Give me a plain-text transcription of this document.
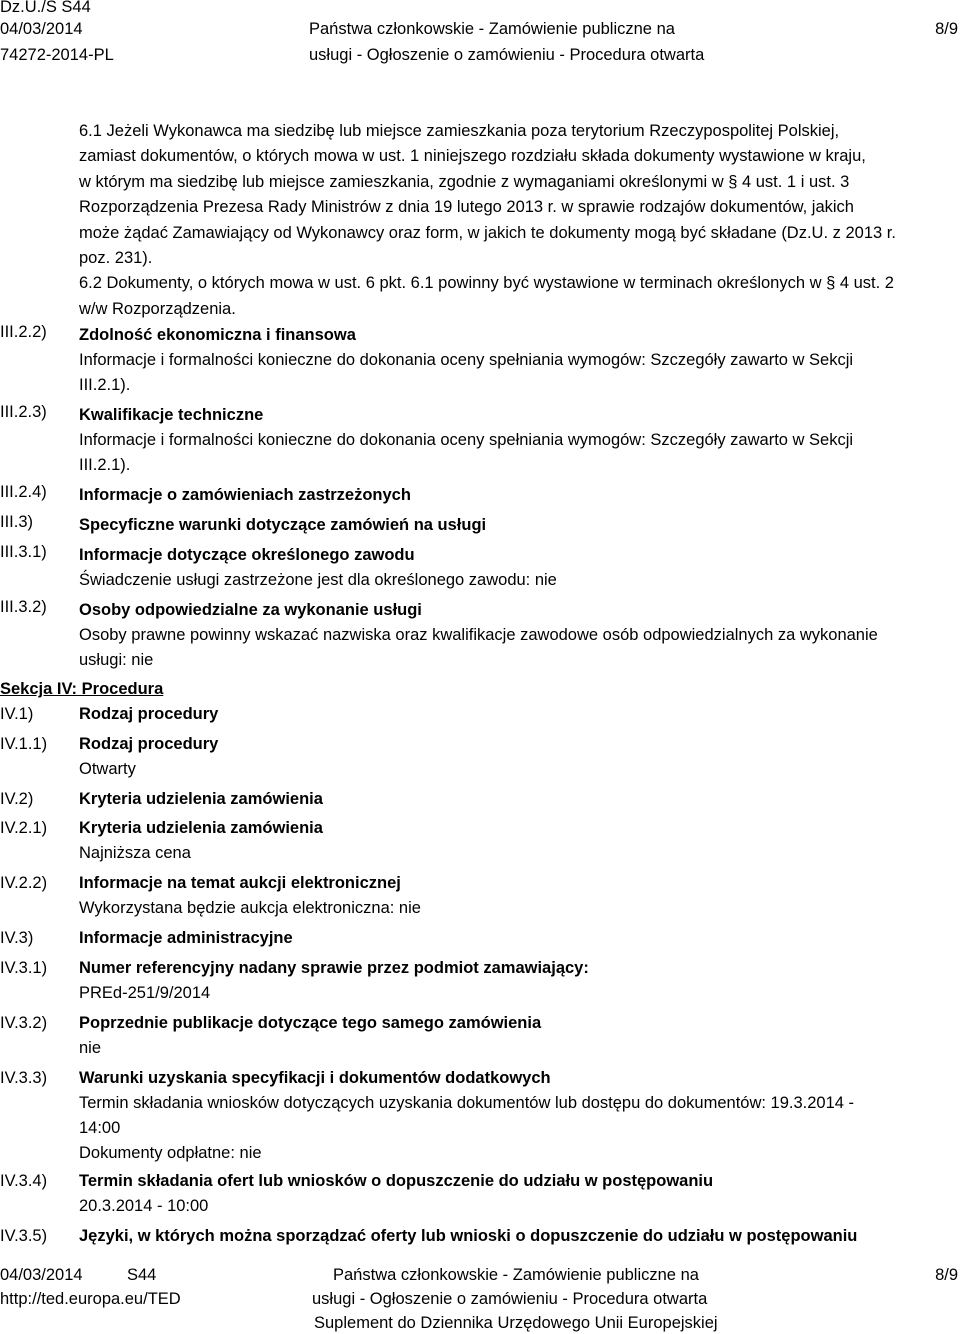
Dz.U./S S44
04/03/2014
74272-2014-PL
Państwa członkowskie - Zamówienie publiczne na
usługi - Ogłoszenie o zamówieniu - Procedura otwarta
8/9
6.1 Jeżeli Wykonawca ma siedzibę lub miejsce zamieszkania poza terytorium Rzeczypospolitej Polskiej,
zamiast dokumentów, o których mowa w ust. 1 niniejszego rozdziału składa dokumenty wystawione w kraju,
w którym ma siedzibę lub miejsce zamieszkania, zgodnie z wymaganiami określonymi w § 4 ust. 1 i ust. 3
Rozporządzenia Prezesa Rady Ministrów z dnia 19 lutego 2013 r. w sprawie rodzajów dokumentów, jakich
może żądać Zamawiający od Wykonawcy oraz form, w jakich te dokumenty mogą być składane (Dz.U. z 2013 r.
poz. 231).
6.2 Dokumenty, o których mowa w ust. 6 pkt. 6.1 powinny być wystawione w terminach określonych w § 4 ust. 2
w/w Rozporządzenia.
III.2.2) Zdolność ekonomiczna i finansowa
Informacje i formalności konieczne do dokonania oceny spełniania wymogów: Szczegóły zawarto w Sekcji
III.2.1).
III.2.3) Kwalifikacje techniczne
Informacje i formalności konieczne do dokonania oceny spełniania wymogów: Szczegóły zawarto w Sekcji
III.2.1).
III.2.4) Informacje o zamówieniach zastrzeżonych
III.3)	Specyficzne warunki dotyczące zamówień na usługi
III.3.1) Informacje dotyczące określonego zawodu
Świadczenie usługi zastrzeżone jest dla określonego zawodu: nie
III.3.2) Osoby odpowiedzialne za wykonanie usługi
Osoby prawne powinny wskazać nazwiska oraz kwalifikacje zawodowe osób odpowiedzialnych za wykonanie
usługi: nie
Sekcja IV: Procedura
IV.1)	Rodzaj procedury
IV.1.1) Rodzaj procedury
Otwarty
IV.2)	Kryteria udzielenia zamówienia
IV.2.1) Kryteria udzielenia zamówienia
Najniższa cena
IV.2.2) Informacje na temat aukcji elektronicznej
Wykorzystana będzie aukcja elektroniczna: nie
IV.3)	Informacje administracyjne
IV.3.1) Numer referencyjny nadany sprawie przez podmiot zamawiający:
PREd-251/9/2014
IV.3.2) Poprzednie publikacje dotyczące tego samego zamówienia
nie
IV.3.3) Warunki uzyskania specyfikacji i dokumentów dodatkowych
Termin składania wniosków dotyczących uzyskania dokumentów lub dostępu do dokumentów: 19.3.2014 -
14:00
Dokumenty odpłatne: nie
IV.3.4) Termin składania ofert lub wniosków o dopuszczenie do udziału w postępowaniu
20.3.2014 - 10:00
IV.3.5) Języki, w których można sporządzać oferty lub wnioski o dopuszczenie do udziału w postępowaniu
04/03/2014	S44
http://ted.europa.eu/TED
Państwa członkowskie - Zamówienie publiczne na
usługi - Ogłoszenie o zamówieniu - Procedura otwarta
Suplement do Dziennika Urzędowego Unii Europejskiej
8/9
